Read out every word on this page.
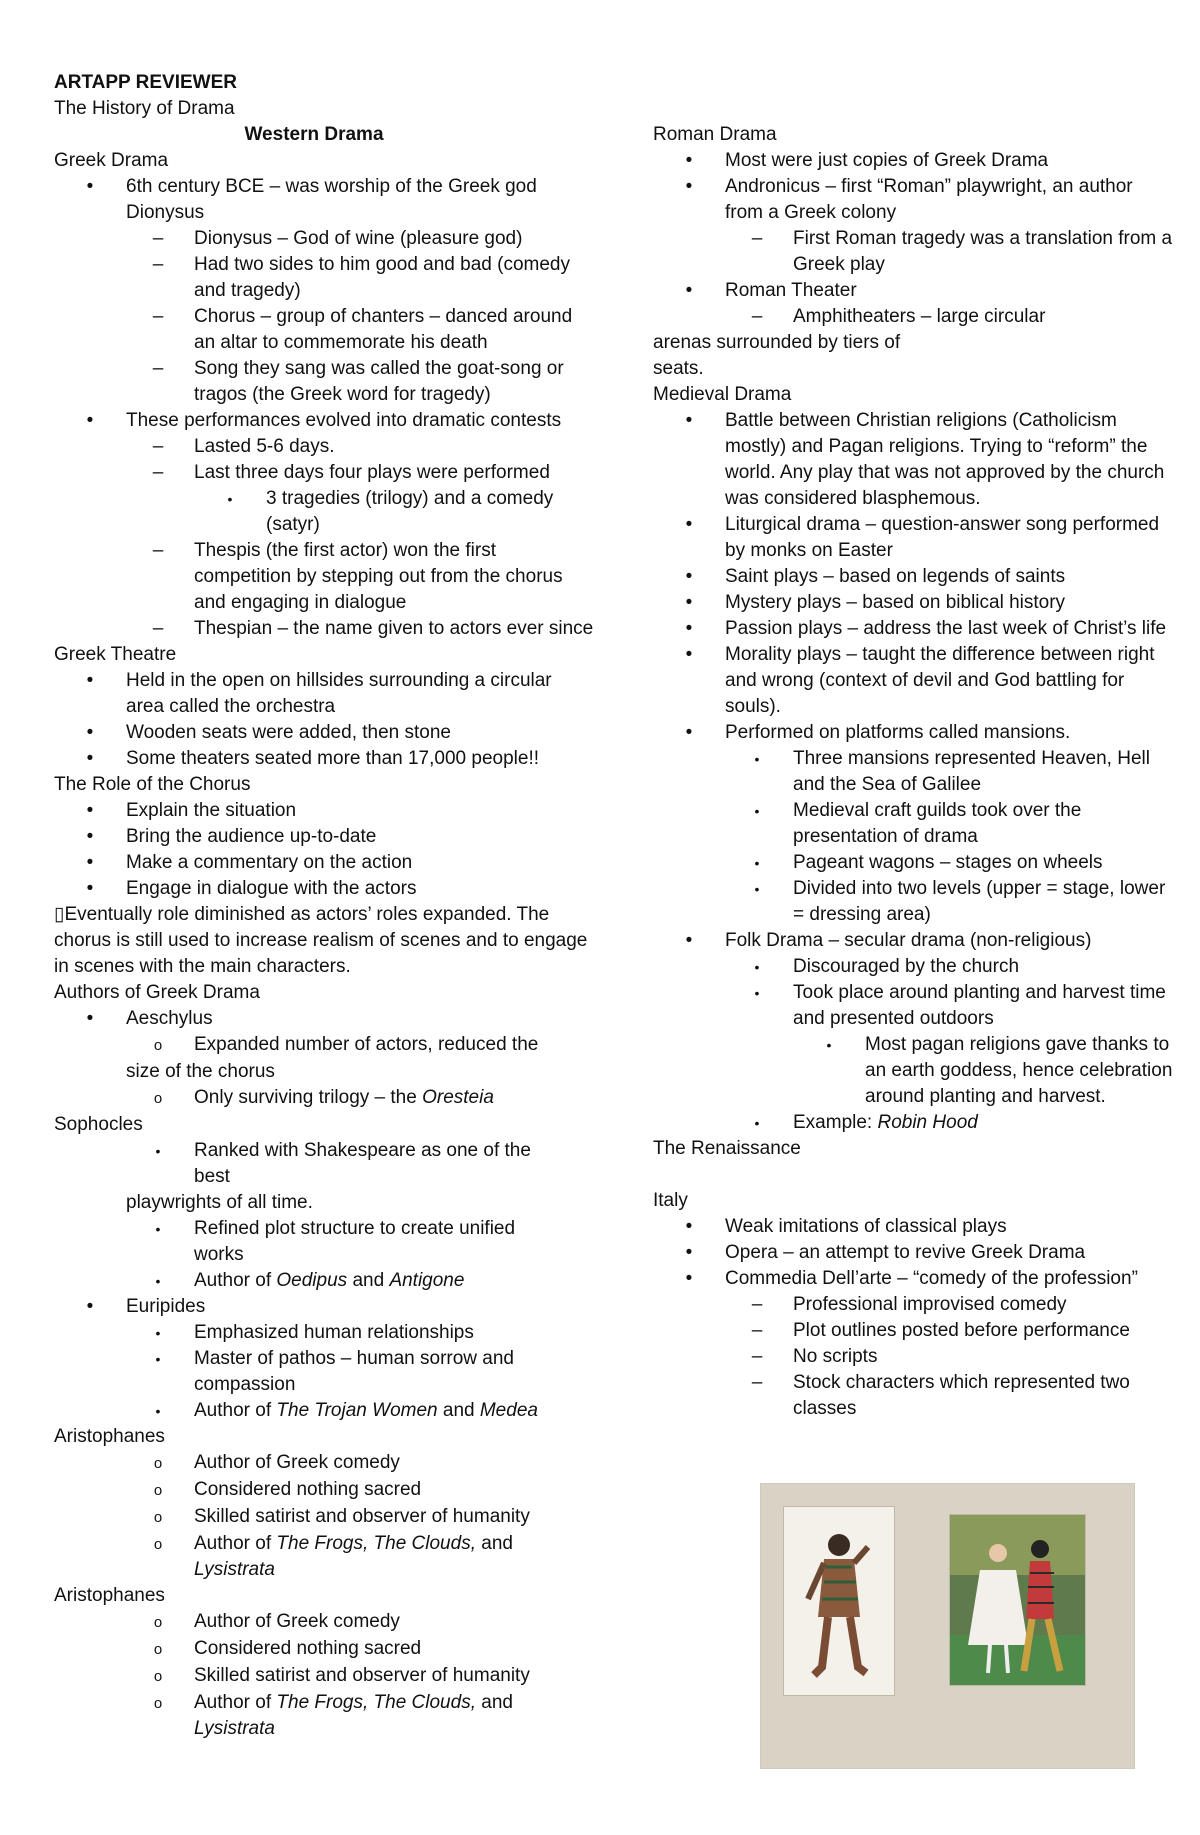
ARTAPP REVIEWER
The History of Drama
Western Drama
Greek Drama
•
6th century BCE – was worship of the Greek god Dionysus
–
Dionysus – God of wine (pleasure god)
–
Had two sides to him good and bad (comedy and tragedy)
–
Chorus – group of chanters – danced around an altar to commemorate his death
–
Song they sang was called the goat-song or tragos (the Greek word for tragedy)
•
These performances evolved into dramatic contests
–
Lasted 5-6 days.
–
Last three days four plays were performed
•
3 tragedies (trilogy) and a comedy (satyr)
–
Thespis (the first actor) won the first competition by stepping out from the chorus and engaging in dialogue
–
Thespian – the name given to actors ever since
Greek Theatre
•
Held in the open on hillsides surrounding a circular area called the orchestra
•
Wooden seats were added, then stone
•
Some theaters seated more than 17,000 people!!
The Role of the Chorus
•
Explain the situation
•
Bring the audience up-to-date
•
Make a commentary on the action
•
Engage in dialogue with the actors
▯Eventually role diminished as actors’ roles expanded. The chorus is still used to increase realism of scenes and to engage in scenes with the main characters.
Authors of Greek Drama
•
Aeschylus
o
Expanded number of actors, reduced the
size of the chorus
o
Only surviving trilogy – the Oresteia
Sophocles
•
Ranked with Shakespeare as one of the best
playwrights of all time.
•
Refined plot structure to create unified works
•
Author of Oedipus and Antigone
•
Euripides
•
Emphasized human relationships
•
Master of pathos – human sorrow and compassion
•
Author of The Trojan Women and Medea
Aristophanes
o
Author of Greek comedy
o
Considered nothing sacred
o
Skilled satirist and observer of humanity
o
Author of The Frogs, The Clouds, and
Lysistrata
Aristophanes
o
Author of Greek comedy
o
Considered nothing sacred
o
Skilled satirist and observer of humanity
o
Author of The Frogs, The Clouds, and
Lysistrata
Roman Drama
•
Most were just copies of Greek Drama
•
Andronicus – first “Roman” playwright, an author from a Greek colony
–
First Roman tragedy was a translation from a Greek play
•
Roman Theater
–
Amphitheaters – large circular
arenas surrounded by tiers of
seats.
Medieval Drama
•
Battle between Christian religions (Catholicism mostly) and Pagan religions. Trying to “reform” the world. Any play that was not approved by the church was considered blasphemous.
•
Liturgical drama – question-answer song performed by monks on Easter
•
Saint plays – based on legends of saints
•
Mystery plays – based on biblical history
•
Passion plays – address the last week of Christ’s life
•
Morality plays – taught the difference between right and wrong (context of devil and God battling for souls).
•
Performed on platforms called mansions.
•
Three mansions represented Heaven, Hell and the Sea of Galilee
•
Medieval craft guilds took over the presentation of drama
•
Pageant wagons – stages on wheels
•
Divided into two levels (upper = stage, lower = dressing area)
•
Folk Drama – secular drama (non-religious)
•
Discouraged by the church
•
Took place around planting and harvest time and presented outdoors
•
Most pagan religions gave thanks to an earth goddess, hence celebration around planting and harvest.
•
Example: Robin Hood
The Renaissance

Italy
•
Weak imitations of classical plays
•
Opera – an attempt to revive Greek Drama
•
Commedia Dell’arte – “comedy of the profession”
–
Professional improvised comedy
–
Plot outlines posted before performance
–
No scripts
–
Stock characters which represented two classes
